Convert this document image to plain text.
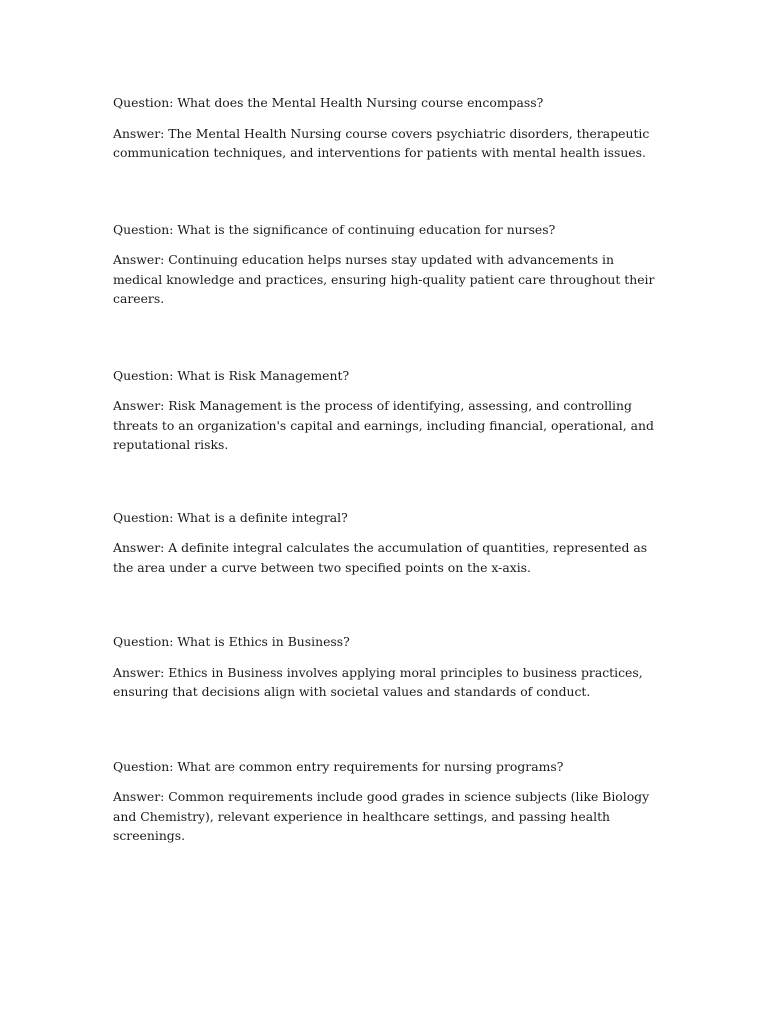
Question: What does the Mental Health Nursing course encompass?

Answer: The Mental Health Nursing course covers psychiatric disorders, therapeutic communication techniques, and interventions for patients with mental health issues.

Question: What is the significance of continuing education for nurses?

Answer: Continuing education helps nurses stay updated with advancements in medical knowledge and practices, ensuring high-quality patient care throughout their careers.

Question: What is Risk Management?

Answer: Risk Management is the process of identifying, assessing, and controlling threats to an organization's capital and earnings, including financial, operational, and reputational risks.

Question: What is a definite integral?

Answer: A definite integral calculates the accumulation of quantities, represented as the area under a curve between two specified points on the x-axis.

Question: What is Ethics in Business?

Answer: Ethics in Business involves applying moral principles to business practices, ensuring that decisions align with societal values and standards of conduct.

Question: What are common entry requirements for nursing programs?

Answer: Common requirements include good grades in science subjects (like Biology and Chemistry), relevant experience in healthcare settings, and passing health screenings.
